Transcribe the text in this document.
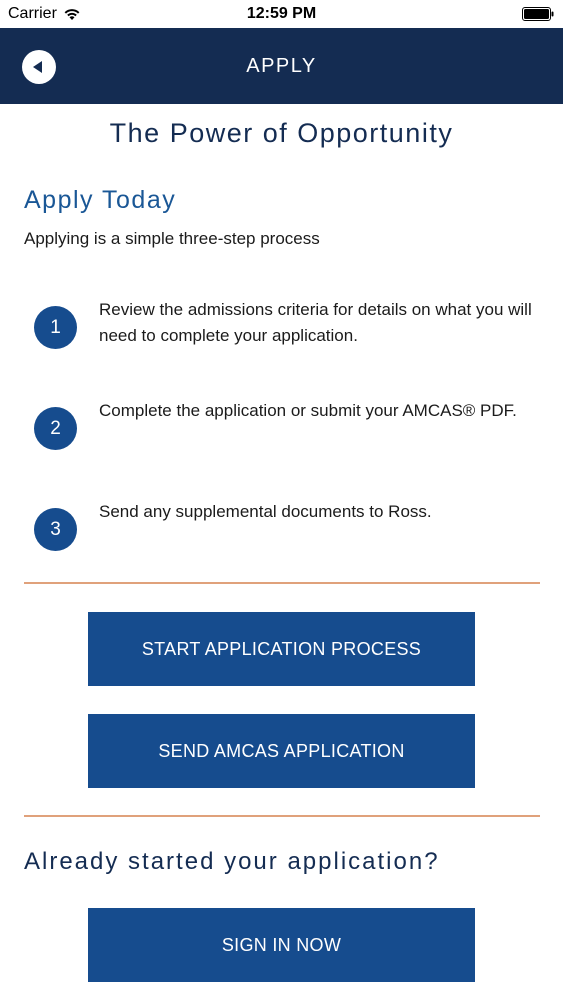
Carrier	12:59 PM
APPLY
The Power of Opportunity
Apply Today
Applying is a simple three-step process
1
Review the admissions criteria for details on what you will need to complete your application.
2
Complete the application or submit your AMCAS® PDF.
3
Send any supplemental documents to Ross.
START APPLICATION PROCESS
SEND AMCAS APPLICATION
Already started your application?
SIGN IN NOW
